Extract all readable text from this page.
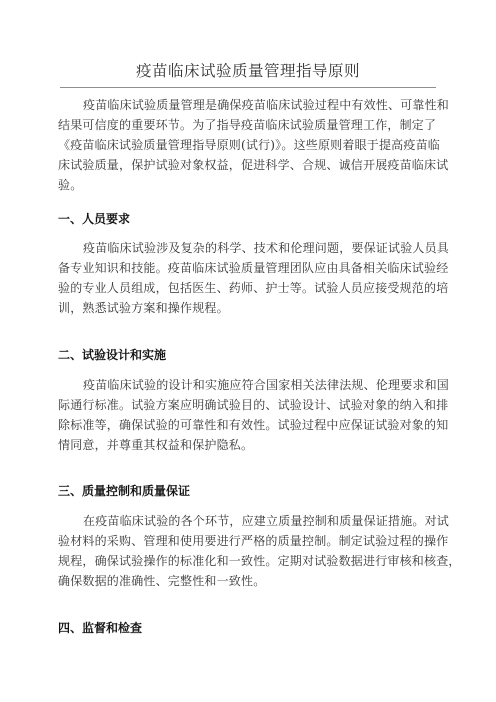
疫苗临床试验质量管理指导原则
疫苗临床试验质量管理是确保疫苗临床试验过程中有效性、可靠性和
结果可信度的重要环节。为了指导疫苗临床试验质量管理工作，制定了
《疫苗临床试验质量管理指导原则(试行)》。这些原则着眼于提高疫苗临
床试验质量，保护试验对象权益，促进科学、合规、诚信开展疫苗临床试
验。
一、人员要求
疫苗临床试验涉及复杂的科学、技术和伦理问题，要保证试验人员具
备专业知识和技能。疫苗临床试验质量管理团队应由具备相关临床试验经
验的专业人员组成，包括医生、药师、护士等。试验人员应接受规范的培
训，熟悉试验方案和操作规程。
二、试验设计和实施
疫苗临床试验的设计和实施应符合国家相关法律法规、伦理要求和国
际通行标准。试验方案应明确试验目的、试验设计、试验对象的纳入和排
除标准等，确保试验的可靠性和有效性。试验过程中应保证试验对象的知
情同意，并尊重其权益和保护隐私。
三、质量控制和质量保证
在疫苗临床试验的各个环节，应建立质量控制和质量保证措施。对试
验材料的采购、管理和使用要进行严格的质量控制。制定试验过程的操作
规程，确保试验操作的标准化和一致性。定期对试验数据进行审核和核查，
确保数据的准确性、完整性和一致性。
四、监督和检查
